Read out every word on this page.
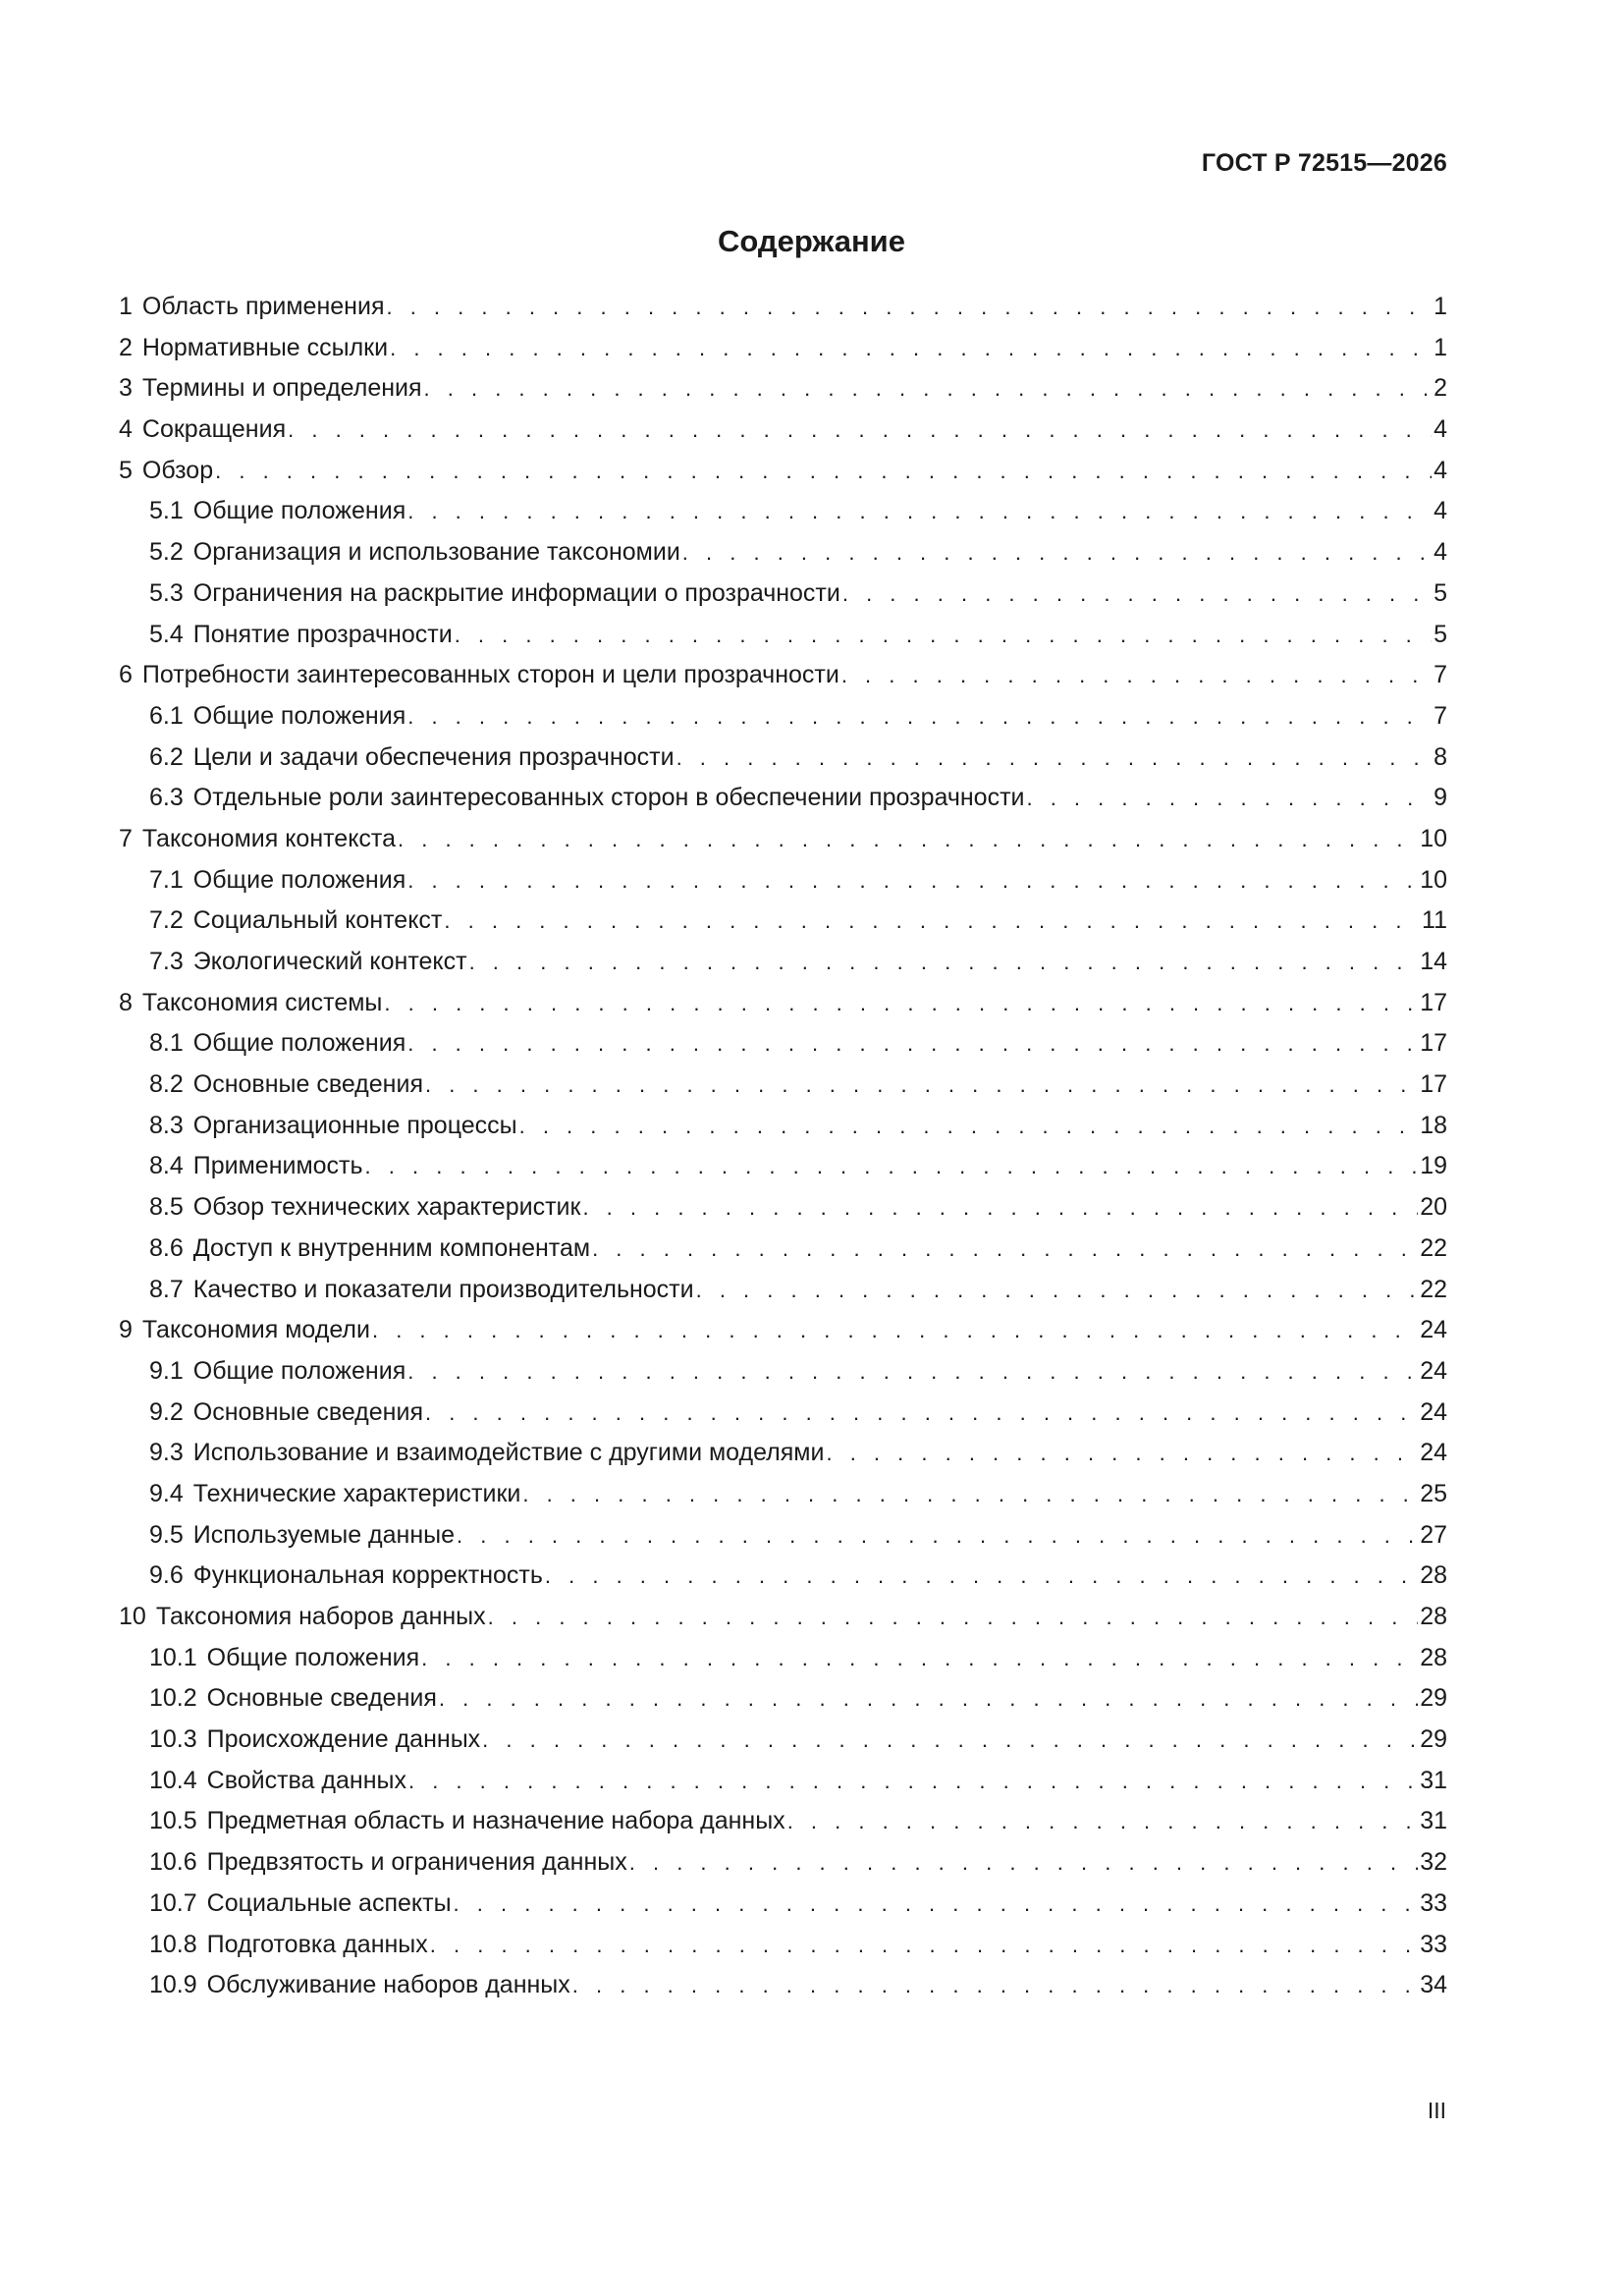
ГОСТ Р 72515—2026
Содержание
1 Область применения . . .	1
2 Нормативные ссылки . . .	1
3 Термины и определения . . .	2
4 Сокращения . . .	4
5 Обзор . . .	4
5.1 Общие положения . . .	4
5.2 Организация и использование таксономии . . .	4
5.3 Ограничения на раскрытие информации о прозрачности . . .	5
5.4 Понятие прозрачности . . .	5
6 Потребности заинтересованных сторон и цели прозрачности . . .	7
6.1 Общие положения . . .	7
6.2 Цели и задачи обеспечения прозрачности . . .	8
6.3 Отдельные роли заинтересованных сторон в обеспечении прозрачности . . .	9
7 Таксономия контекста . . .	10
7.1 Общие положения . . .	10
7.2 Социальный контекст . . .	11
7.3 Экологический контекст . . .	14
8 Таксономия системы . . .	17
8.1 Общие положения . . .	17
8.2 Основные сведения . . .	17
8.3 Организационные процессы . . .	18
8.4 Применимость . . .	19
8.5 Обзор технических характеристик . . .	20
8.6 Доступ к внутренним компонентам . . .	22
8.7 Качество и показатели производительности . . .	22
9 Таксономия модели . . .	24
9.1 Общие положения . . .	24
9.2 Основные сведения . . .	24
9.3 Использование и взаимодействие с другими моделями . . .	24
9.4 Технические характеристики . . .	25
9.5 Используемые данные . . .	27
9.6 Функциональная корректность . . .	28
10 Таксономия наборов данных . . .	28
10.1 Общие положения . . .	28
10.2 Основные сведения . . .	29
10.3 Происхождение данных . . .	29
10.4 Свойства данных . . .	31
10.5 Предметная область и назначение набора данных . . .	31
10.6 Предвзятость и ограничения данных . . .	32
10.7 Социальные аспекты . . .	33
10.8 Подготовка данных . . .	33
10.9 Обслуживание наборов данных . . .	34
III
